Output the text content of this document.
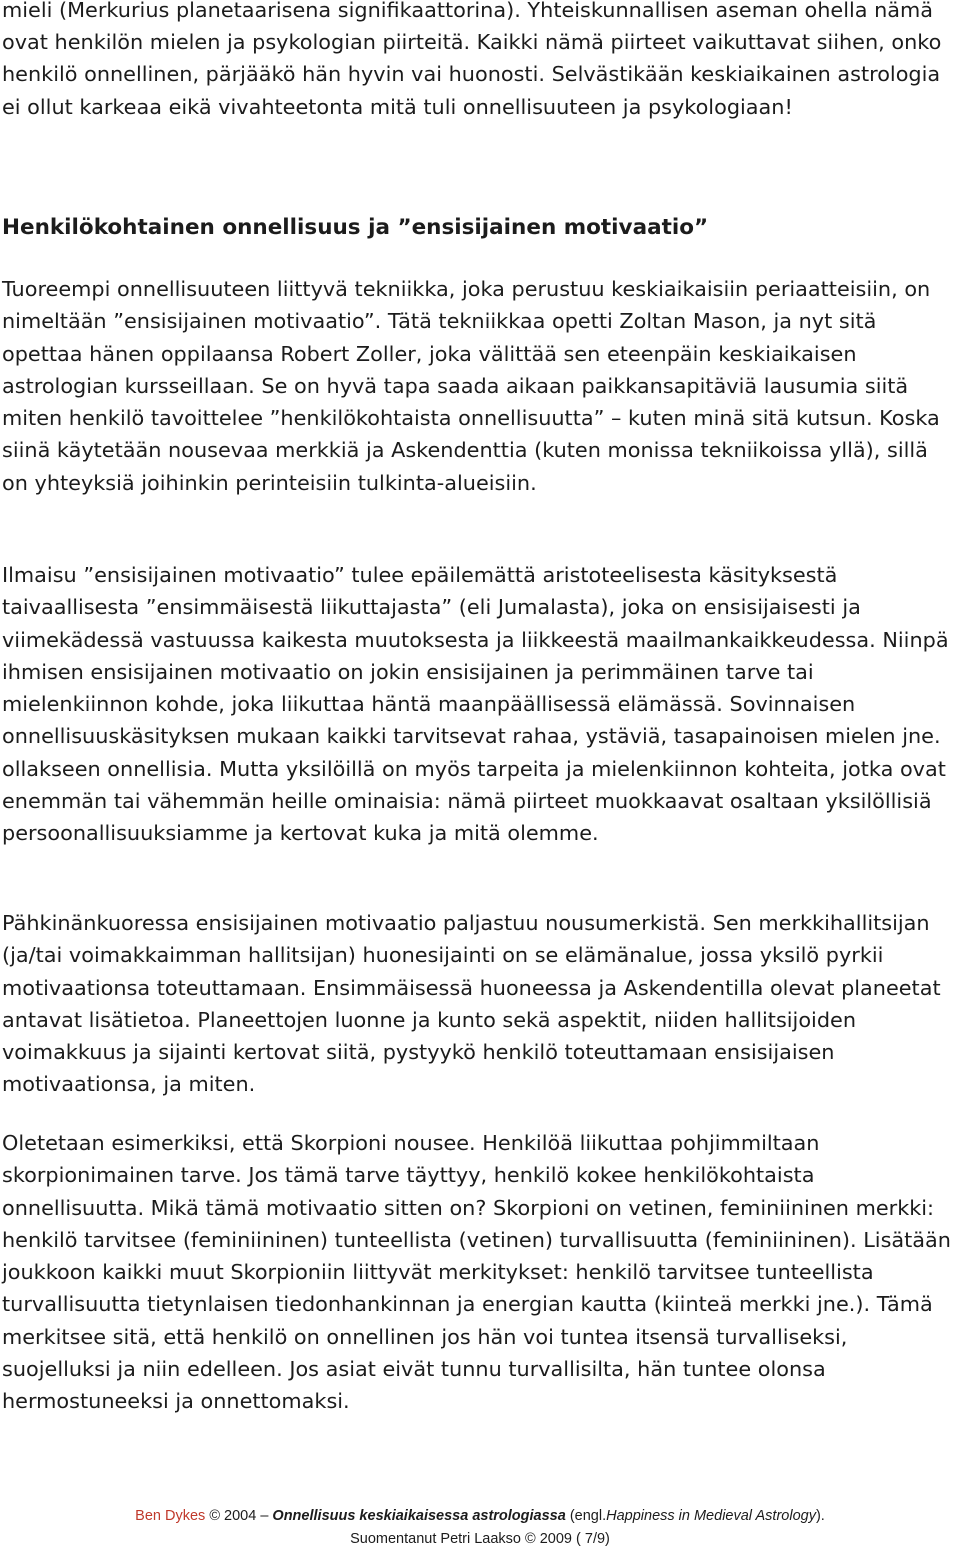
mieli (Merkurius planetaarisena signifikaattorina). Yhteiskunnallisen aseman ohella nämä ovat henkilön mielen ja psykologian piirteitä. Kaikki nämä piirteet vaikuttavat siihen, onko henkilö onnellinen, pärjääkö hän hyvin vai huonosti. Selvästikään keskiaikainen astrologia ei ollut karkeaa eikä vivahteetonta mitä tuli onnellisuuteen ja psykologiaan!

Henkilökohtainen onnellisuus ja ”ensisijainen motivaatio”

Tuoreempi onnellisuuteen liittyvä tekniikka, joka perustuu keskiaikaisiin periaatteisiin, on nimeltään ”ensisijainen motivaatio”. Tätä tekniikkaa opetti Zoltan Mason, ja nyt sitä opettaa hänen oppilaansa Robert Zoller, joka välittää sen eteenpäin keskiaikaisen astrologian kursseillaan. Se on hyvä tapa saada aikaan paikkansapitäviä lausumia siitä miten henkilö tavoittelee ”henkilökohtaista onnellisuutta” – kuten minä sitä kutsun. Koska siinä käytetään nousevaa merkkiä ja Askendenttia (kuten monissa tekniikoissa yllä), sillä on yhteyksiä joihinkin perinteisiin tulkinta-alueisiin.

Ilmaisu ”ensisijainen motivaatio” tulee epäilemättä aristoteelisesta käsityksestä taivaallisesta ”ensimmäisestä liikuttajasta” (eli Jumalasta), joka on ensisijaisesti ja viimekädessä vastuussa kaikesta muutoksesta ja liikkeestä maailmankaikkeudessa. Niinpä ihmisen ensisijainen motivaatio on jokin ensisijainen ja perimmäinen tarve tai mielenkiinnon kohde, joka liikuttaa häntä maanpäällisessä elämässä. Sovinnaisen onnellisuuskäsityksen mukaan kaikki tarvitsevat rahaa, ystäviä, tasapainoisen mielen jne. ollakseen onnellisia. Mutta yksilöillä on myös tarpeita ja mielenkiinnon kohteita, jotka ovat enemmän tai vähemmän heille ominaisia: nämä piirteet muokkaavat osaltaan yksilöllisiä persoonallisuuksiamme ja kertovat kuka ja mitä olemme.

Pähkinänkuoressa ensisijainen motivaatio paljastuu nousumerkistä. Sen merkkihallitsijan (ja/tai voimakkaimman hallitsijan) huonesijainti on se elämänalue, jossa yksilö pyrkii motivaationsa toteuttamaan. Ensimmäisessä huoneessa ja Askendentilla olevat planeetat antavat lisätietoa. Planeettojen luonne ja kunto sekä aspektit, niiden hallitsijoiden voimakkuus ja sijainti kertovat siitä, pystyykö henkilö toteuttamaan ensisijaisen motivaationsa, ja miten.

Oletetaan esimerkiksi, että Skorpioni nousee. Henkilöä liikuttaa pohjimmiltaan skorpionimainen tarve. Jos tämä tarve täyttyy, henkilö kokee henkilökohtaista onnellisuutta. Mikä tämä motivaatio sitten on? Skorpioni on vetinen, feminiininen merkki: henkilö tarvitsee (feminiininen) tunteellista (vetinen) turvallisuutta (feminiininen). Lisätään joukkoon kaikki muut Skorpioniin liittyvät merkitykset: henkilö tarvitsee tunteellista turvallisuutta tietynlaisen tiedonhankinnan ja energian kautta (kiinteä merkki jne.). Tämä merkitsee sitä, että henkilö on onnellinen jos hän voi tuntea itsensä turvalliseksi, suojelluksi ja niin edelleen. Jos asiat eivät tunnu turvallisilta, hän tuntee olonsa hermostuneeksi ja onnettomaksi.

Ben Dykes © 2004 – Onnellisuus keskiaikaisessa astrologiassa (engl.Happiness in Medieval Astrology).
Suomentanut Petri Laakso © 2009 ( 7/9)
